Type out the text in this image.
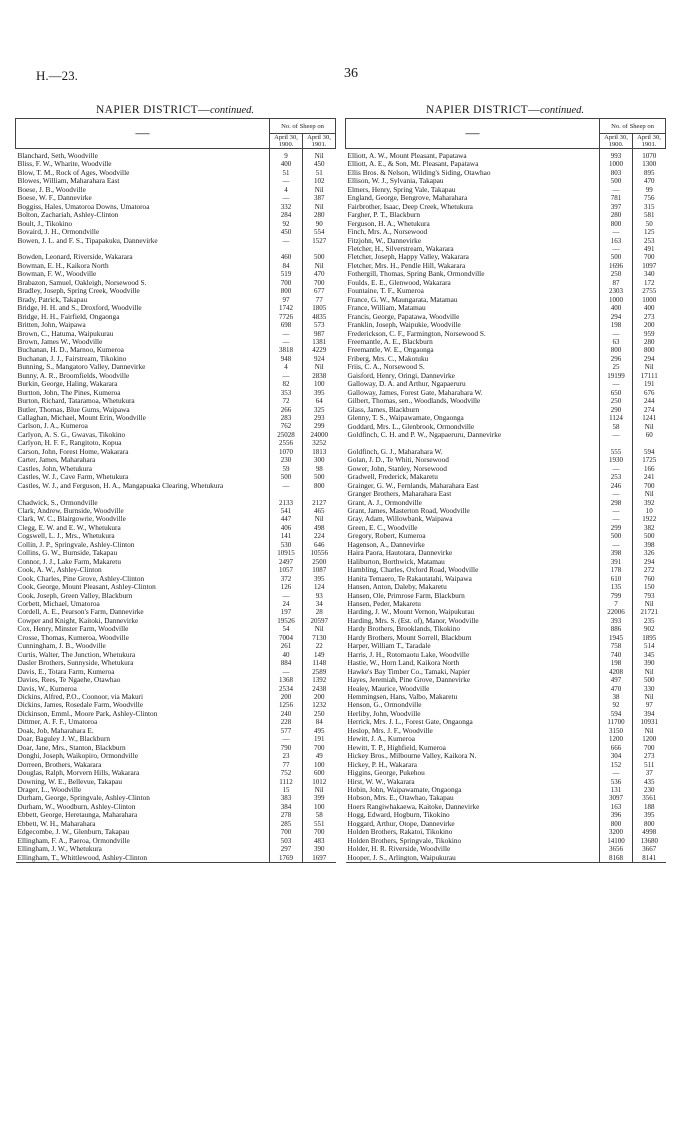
H.—23.	36
NAPIER DISTRICT—continued.
—	No. of Sheep on	
	April 30, 1900.	April 30, 1901.
Blanchard, Seth, Woodville	9	Nil
Bliss, F. W., Wharite, Woodville	400	450
Blow, T. M., Rock of Ages, Woodville	51	51
Blowes, William, Maharahara East	—	102
Boese, J. B., Woodville	4	Nil
Boese, W. F., Dannevirke	—	387
Boggiss, Hales, Umatoroa Downs, Umatoroa	332	Nil
Bolton, Zachariah, Ashley-Clinton	284	280
Boult, J., Tikokino	92	90
Bovaird, J. H., Ormondville	450	554
Bowen, J. L. and F. S., Tipapakuku, Dannevirke	—	1527

Bowden, Leonard, Riverside, Wakarara	460	500
Bowman, E. H., Kaikora North	84	Nil
Bowman, F. W., Woodville	519	470
Brabazon, Samuel, Oakleigh, Norsewood S.	700	700
Bradley, Joseph, Spring Creek, Woodville	800	677
Brady, Patrick, Takapau	97	77
Bridge, H. H. and S., Droxford, Woodville	1742	1805
Bridge, H. H., Fairfield, Ongaonga	7726	4835
Britten, John, Waipawa	698	573
Brown, C., Hatuma, Waipukurau	—	987
Brown, James W., Woodville	—	1381
Buchanan, H. D., Marnoo, Kumeroa	3818	4229
Buchanan, J. J., Fairstream, Tikokino	948	924
Bunning, S., Mangatoro Valley, Dannevirke	4	Nil
Bunny, A. R., Broomfields, Woodville	—	2838
Burkin, George, Haling, Wakarara	82	100
Burtton, John, The Pines, Kumeroa	353	395
Burton, Richard, Tataramoa, Whetukura	72	64
Butler, Thomas, Blue Gums, Waipawa	266	325
Callaghan, Michael, Mount Erin, Woodville	283	293
Carlson, J. A., Kumeroa	762	299
Carlyon, A. S. G., Gwavas, Tikokino	25028	24000
Carlyon, H. F. F., Rangitoto, Kopua	2556	3252
Carson, John, Forest Home, Wakarara	1070	1813
Carter, James, Maharahara	230	300
Castles, John, Whetukura	59	98
Castles, W. J., Cave Farm, Whetukura	500	500
Castles, W. J., and Ferguson, H. A., Mangapuaka Clearing, Whetukura	—	800

Chadwick, S., Ormondville	2133	2127
Clark, Andrew, Burnside, Woodville	541	465
Clark, W. C., Blairgowrie, Woodville	447	Nil
Clegg, E. W. and E. W., Whetukura	406	498
Cogswell, L. J., Mrs., Whetukura	141	224
Collin, J. P., Springvale, Ashley-Clinton	530	646
Collins, G. W., Burnside, Takapau	10915	10556
Connor, J. J., Lake Farm, Makaretu	2497	2500
Cook, A. W., Ashley-Clinton	1057	1087
Cook, Charles, Pine Grove, Ashley-Clinton	372	395
Cook, George, Mount Pleasant, Ashley-Clinton	126	124
Cook, Joseph, Green Valley, Blackburn	—	93
Corbett, Michael, Umatoroa	24	34
Cordell, A. E., Pearson's Farm, Dannevirke	197	28
Cowper and Knight, Kaitoki, Dannevirke	19526	20597
Cox, Henry, Minster Farm, Woodville	54	Nil
Crosse, Thomas, Kumeroa, Woodville	7004	7130
Cunningham, J. B., Woodville	261	22
Curtis, Walter, The Junction, Whetukura	40	149
Dasler Brothers, Sunnyside, Whetukura	884	1148
Davis, E., Totara Farm, Kumeroa	—	2589
Davies, Rees, Te Ngaehe, Otawhao	1368	1392
Davis, W., Kumeroa	2534	2438
Dickins, Alfred, P.O., Coonoor, via Makuri	200	200
Dickins, James, Rosedale Farm, Woodville	1256	1232
Dickinson, Emml., Moore Park, Ashley-Clinton	240	250
Dittmer, A. F. F., Umatoroa	228	84
Doak, Job, Maharahara E.	577	495
Doar, Baguley J. W., Blackburn	—	191
Doar, Jane, Mrs., Stanton, Blackburn	790	700
Donghi, Joseph, Waikopiro, Ormondville	23	49
Dorreen, Brothers, Wakarara	77	100
Douglas, Ralph, Morvern Hills, Wakarara	752	600
Downing, W. E., Bellevue, Takapau	1112	1012
Drager, L., Woodville	15	Nil
Durham, George, Springvale, Ashley-Clinton	383	399
Durham, W., Woodburn, Ashley-Clinton	384	100
Ebbett, George, Heretaunga, Maharahara	278	58
Ebbett, W. H., Maharahara	285	551
Edgecombe, J. W., Glenburn, Takapau	700	700
Ellingham, F. A., Paeroa, Ormondville	503	483
Ellingham, J. W., Whetukura	297	390
Ellingham, T., Whittlewood, Ashley-Clinton	1769	1697
NAPIER DISTRICT—continued.
—	No. of Sheep on	
	April 30, 1900.	April 30, 1901.
Elliott, A. W., Mount Pleasant, Papatawa	993	1070
Elliott, A. E., & Son, Mt. Pleasant, Papatawa	1000	1300
Ellis Bros. & Nelson, Wilding's Siding, Otawhao	803	895
Ellison, W. J., Sylvania, Takapau	500	470
Elmers, Henry, Spring Vale, Takapau	—	99
England, George, Bengrove, Maharahara	781	756
Fairbrother, Isaac, Deep Creek, Whetukura	397	315
Fargher, P. T., Blackburn	280	581
Ferguson, H. A., Whetukura	800	50
Finch, Mrs. A., Norsewood	—	125
Fitzjohn, W., Dannevirke	163	253
Fletcher, H., Silverstream, Wakarara	—	491
Fletcher, Joseph, Happy Valley, Wakarara	500	700
Fletcher, Mrs. H., Pendle Hill, Wakarara	1696	1097
Fothergill, Thomas, Spring Bank, Ormondville	250	340
Foulds, E. E., Glenwood, Wakarara	87	172
Fountaine, T. F., Kumeroa	2303	2755
France, G. W., Maungarata, Matamau	1000	1000
France, William, Matamau	400	400
Francis, George, Papatawa, Woodville	294	273
Franklin, Joseph, Waipukie, Woodville	198	200
Frederickson, C. F., Farmington, Norsewood S.	—	959
Freemantle, A. E., Blackburn	63	280
Freemantle, W. E., Ongaonga	800	800
Friberg, Mrs. C., Makotuku	296	294
Friis, C. A., Norsewood S.	25	Nil
Gaisford, Henry, Oringi, Dannevirke	19199	17111
Galloway, D. A. and Arthur, Ngapaeruru	—	191
Galloway, James, Forest Gate, Maharahara W.	650	676
Gilbert, Thomas, sen., Woodlands, Woodville	250	244
Glass, James, Blackburn	290	274
Glenny, T. S., Waipawamate, Ongaonga	1124	1241
Goddard, Mrs. L., Glenbrook, Ormondville	58	Nil
Goldfinch, C. H. and P. W., Ngapaeruru, Dannevirke	—	60

Goldfinch, G. J., Maharahara W.	555	594
Golan, J. D., Te Whiti, Norsewood	1930	1725
Gower, John, Stanley, Norsewood	—	166
Gradwell, Frederick, Makaretu	253	241
Grainger, G. W., Fernlands, Maharahara East	246	700
Granger Brothers, Maharahara East	—	Nil
Grant, A. J., Ormondville	298	392
Grant, James, Masterton Road, Woodville	—	10
Gray, Adam, Willowbank, Waipawa	—	1922
Green, E. C., Woodville	299	382
Gregory, Robert, Kumeroa	500	500
Hagenson, A., Dannevirke	—	398
Haira Paora, Hautotara, Dannevirke	398	326
Haliburton, Borthwick, Matamau	391	294
Hambling, Charles, Oxford Road, Woodville	178	272
Hanita Temaero, Te Rakautatahi, Waipawa	610	760
Hansen, Anton, Daleby, Makaretu	135	150
Hansen, Ole, Primrose Farm, Blackburn	799	793
Hansen, Peder, Makaretu	7	Nil
Harding, J. W., Mount Vernon, Waipukurau	22006	21721
Harding, Mrs. S. (Est. of), Manor, Woodville	393	235
Hardy Brothers, Brooklands, Tikokino	886	902
Hardy Brothers, Mount Sorrell, Blackburn	1945	1895
Harper, William T., Taradale	758	514
Harris, J. H., Rotomaotu Lake, Woodville	740	345
Hastie, W., Horn Land, Kaikora North	198	390
Hawke's Bay Timber Co., Tamaki, Napier	4208	Nil
Hayes, Jeremiah, Pine Grove, Dannevirke	497	500
Healey, Maurice, Woodville	470	330
Hemmingsen, Hans, Valbo, Makaretu	38	Nil
Henson, G., Ormondville	92	97
Herliby, John, Woodville	594	394
Herrick, Mrs. J. L., Forest Gate, Ongaonga	11700	10931
Heslop, Mrs. J. F., Woodville	3150	Nil
Hewitt, J. A., Kumeroa	1200	1200
Hewitt, T. P., Highfield, Kumeroa	666	700
Hickey Bros., Milbourne Valley, Kaikora N.	304	273
Hickey, P. H., Wakarara	152	511
Higgins, George, Pukehou	—	37
Hirst, W. W., Wakarara	536	435
Hobin, John, Waipawamate, Ongaonga	131	230
Hobson, Mrs. E., Otawhao, Takapau	3097	3561
Hoers Rangiwhakaewa, Kaitoke, Dannevirke	163	188
Hogg, Edward, Hogburn, Tikokino	396	395
Hoggard, Arthur, Otope, Dannevirke	800	800
Holden Brothers, Rakatoi, Tikokino	3200	4998
Holden Brothers, Springvale, Tikokino	14100	13680
Holder, H. R. Riverside, Woodville	3656	3667
Hooper, J. S., Arlington, Waipukurau	8168	8141
